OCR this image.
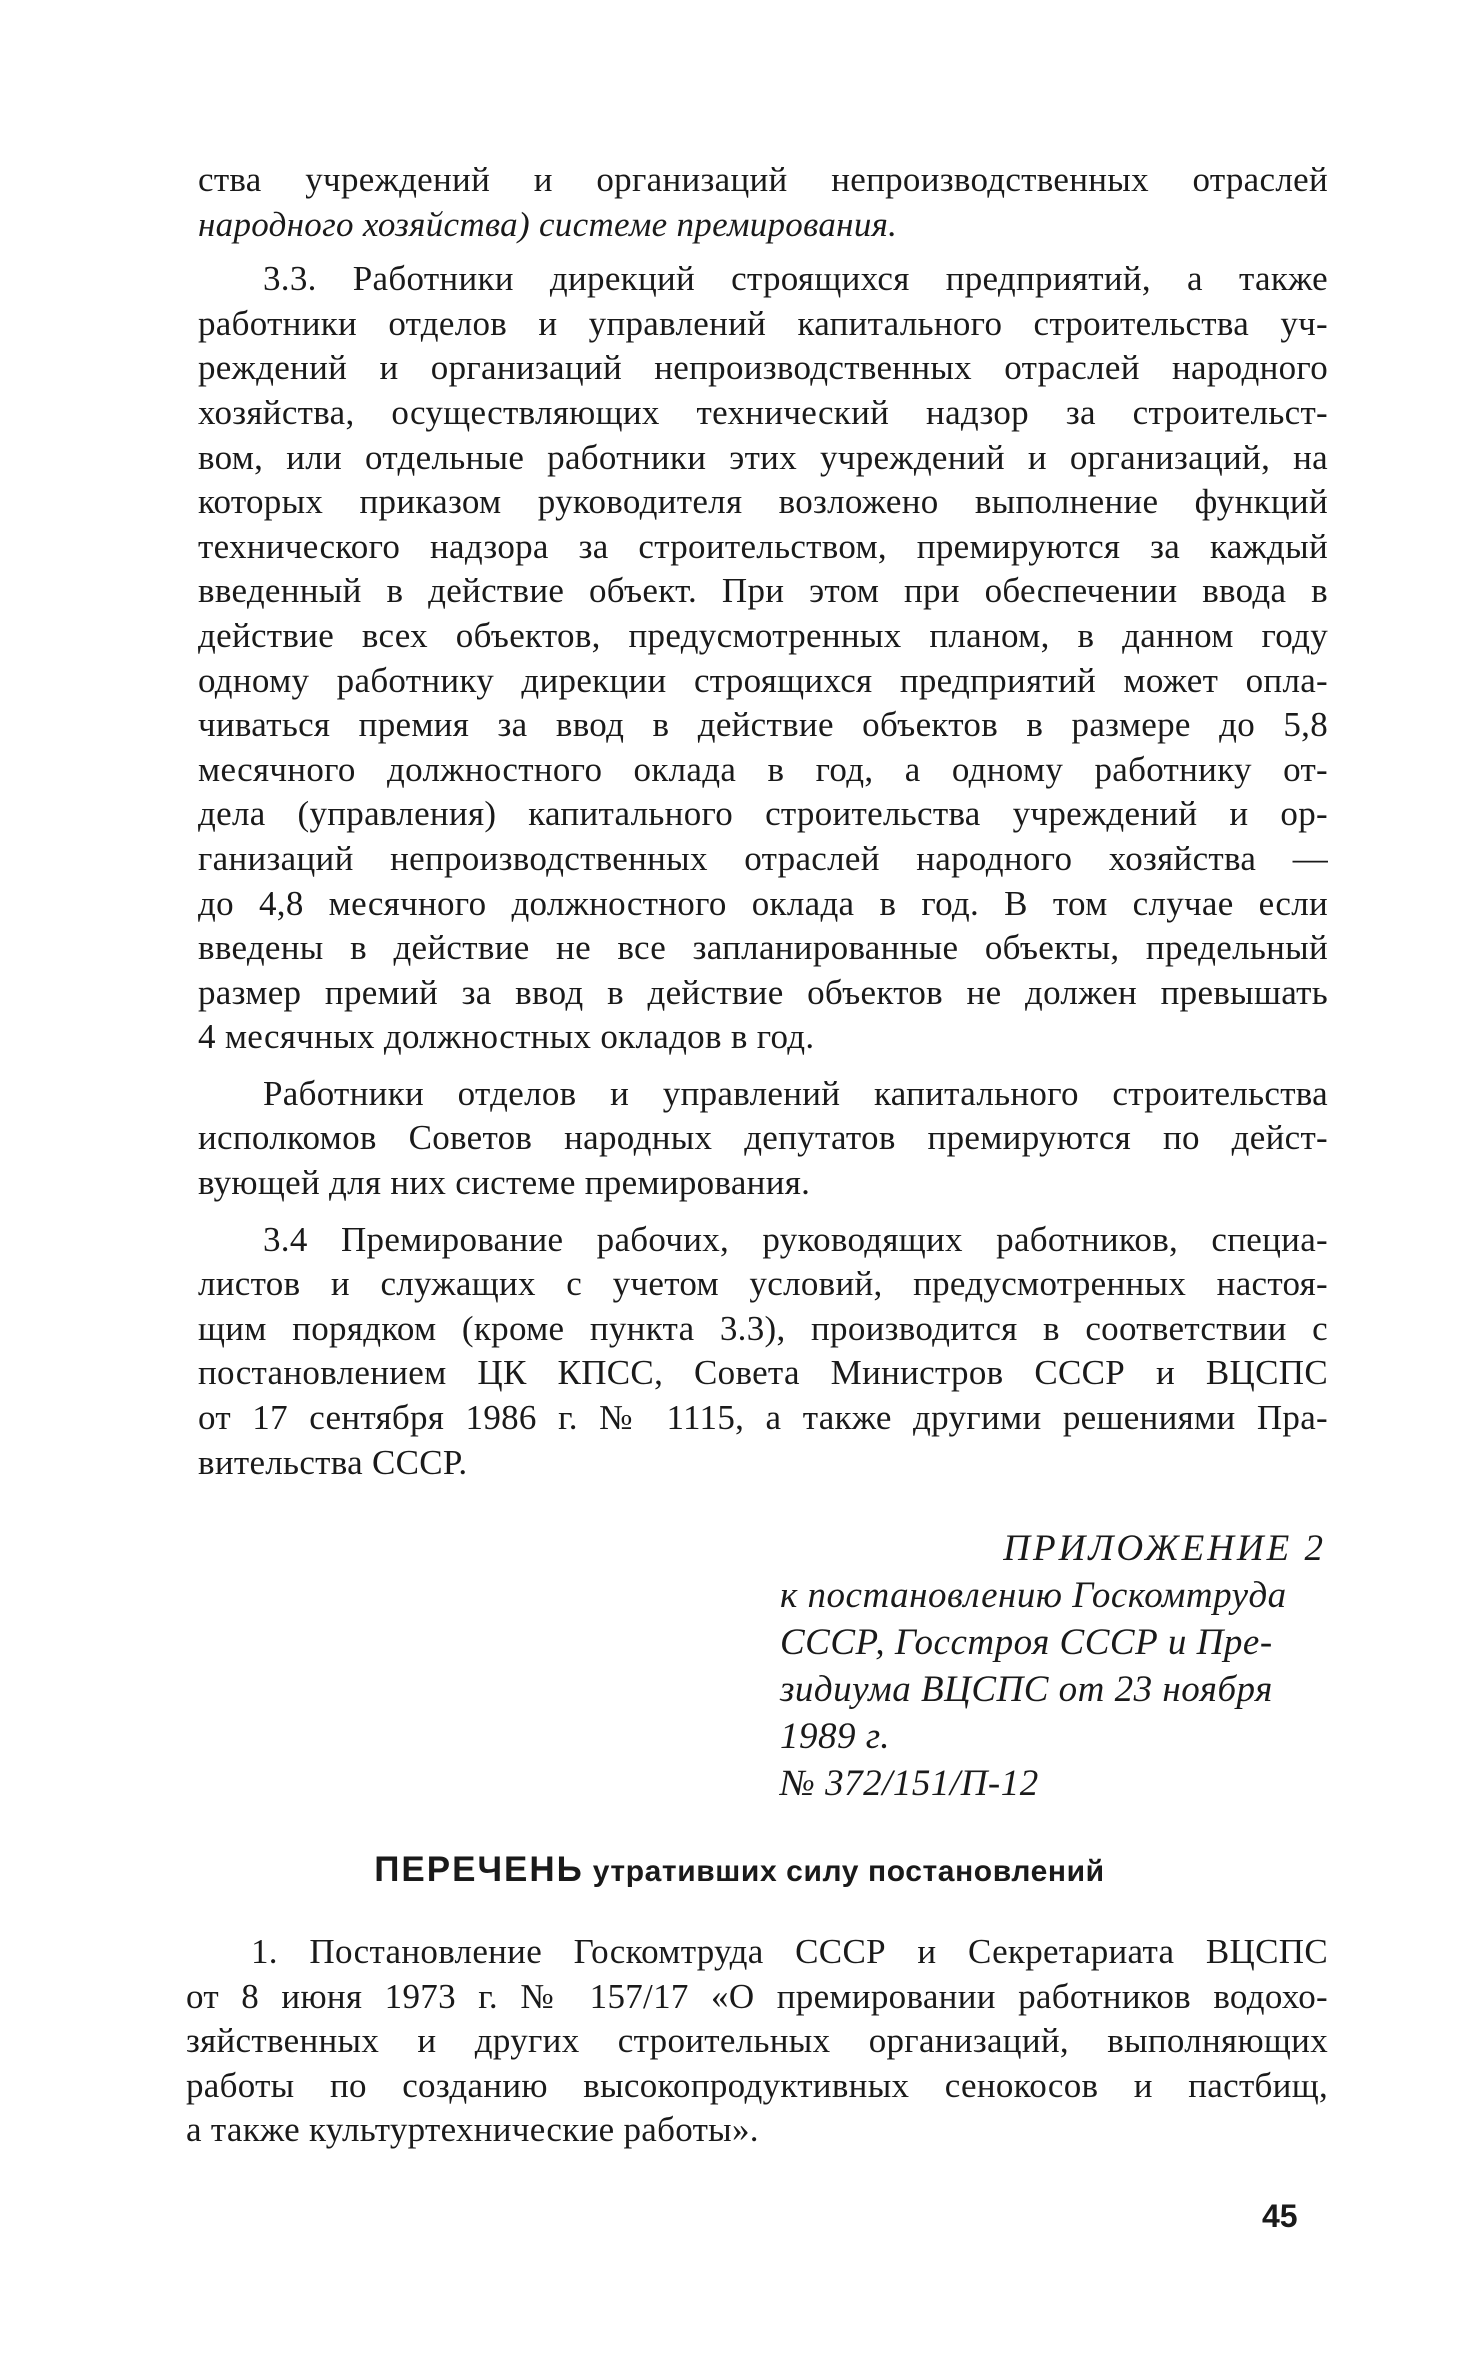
ства учреждений и организаций непроизводственных отраслей
народного хозяйства) системе премирования.
3.3. Работники дирекций строящихся предприятий, а также
работники отделов и управлений капитального строительства уч-
реждений и организаций непроизводственных отраслей народного
хозяйства, осуществляющих технический надзор за строительст-
вом, или отдельные работники этих учреждений и организаций, на
которых приказом руководителя возложено выполнение функций
технического надзора за строительством, премируются за каждый
введенный в действие объект. При этом при обеспечении ввода в
действие всех объектов, предусмотренных планом, в данном году
одному работнику дирекции строящихся предприятий может опла-
чиваться премия за ввод в действие объектов в размере до 5,8
месячного должностного оклада в год, а одному работнику от-
дела (управления) капитального строительства учреждений и ор-
ганизаций непроизводственных отраслей народного хозяйства —
до 4,8 месячного должностного оклада в год. В том случае если
введены в действие не все запланированные объекты, предельный
размер премий за ввод в действие объектов не должен превышать
4 месячных должностных окладов в год.
Работники отделов и управлений капитального строительства
исполкомов Советов народных депутатов премируются по дейст-
вующей для них системе премирования.
3.4 Премирование рабочих, руководящих работников, специа-
листов и служащих с учетом условий, предусмотренных настоя-
щим порядком (кроме пункта 3.3), производится в соответствии с
постановлением ЦК КПСС, Совета Министров СССР и ВЦСПС
от 17 сентября 1986 г. № 1115, а также другими решениями Пра-
вительства СССР.
ПРИЛОЖЕНИЕ 2
к постановлению Госкомтруда
СССР, Госстроя СССР и Пре-
зидиума ВЦСПС от 23 ноября
1989 г.
№ 372/151/П-12
ПЕРЕЧЕНЬ утративших силу постановлений
1. Постановление Госкомтруда СССР и Секретариата ВЦСПС
от 8 июня 1973 г. № 157/17 «О премировании работников водохо-
зяйственных и других строительных организаций, выполняющих
работы по созданию высокопродуктивных сенокосов и пастбищ,
а также культуртехнические работы».
45
